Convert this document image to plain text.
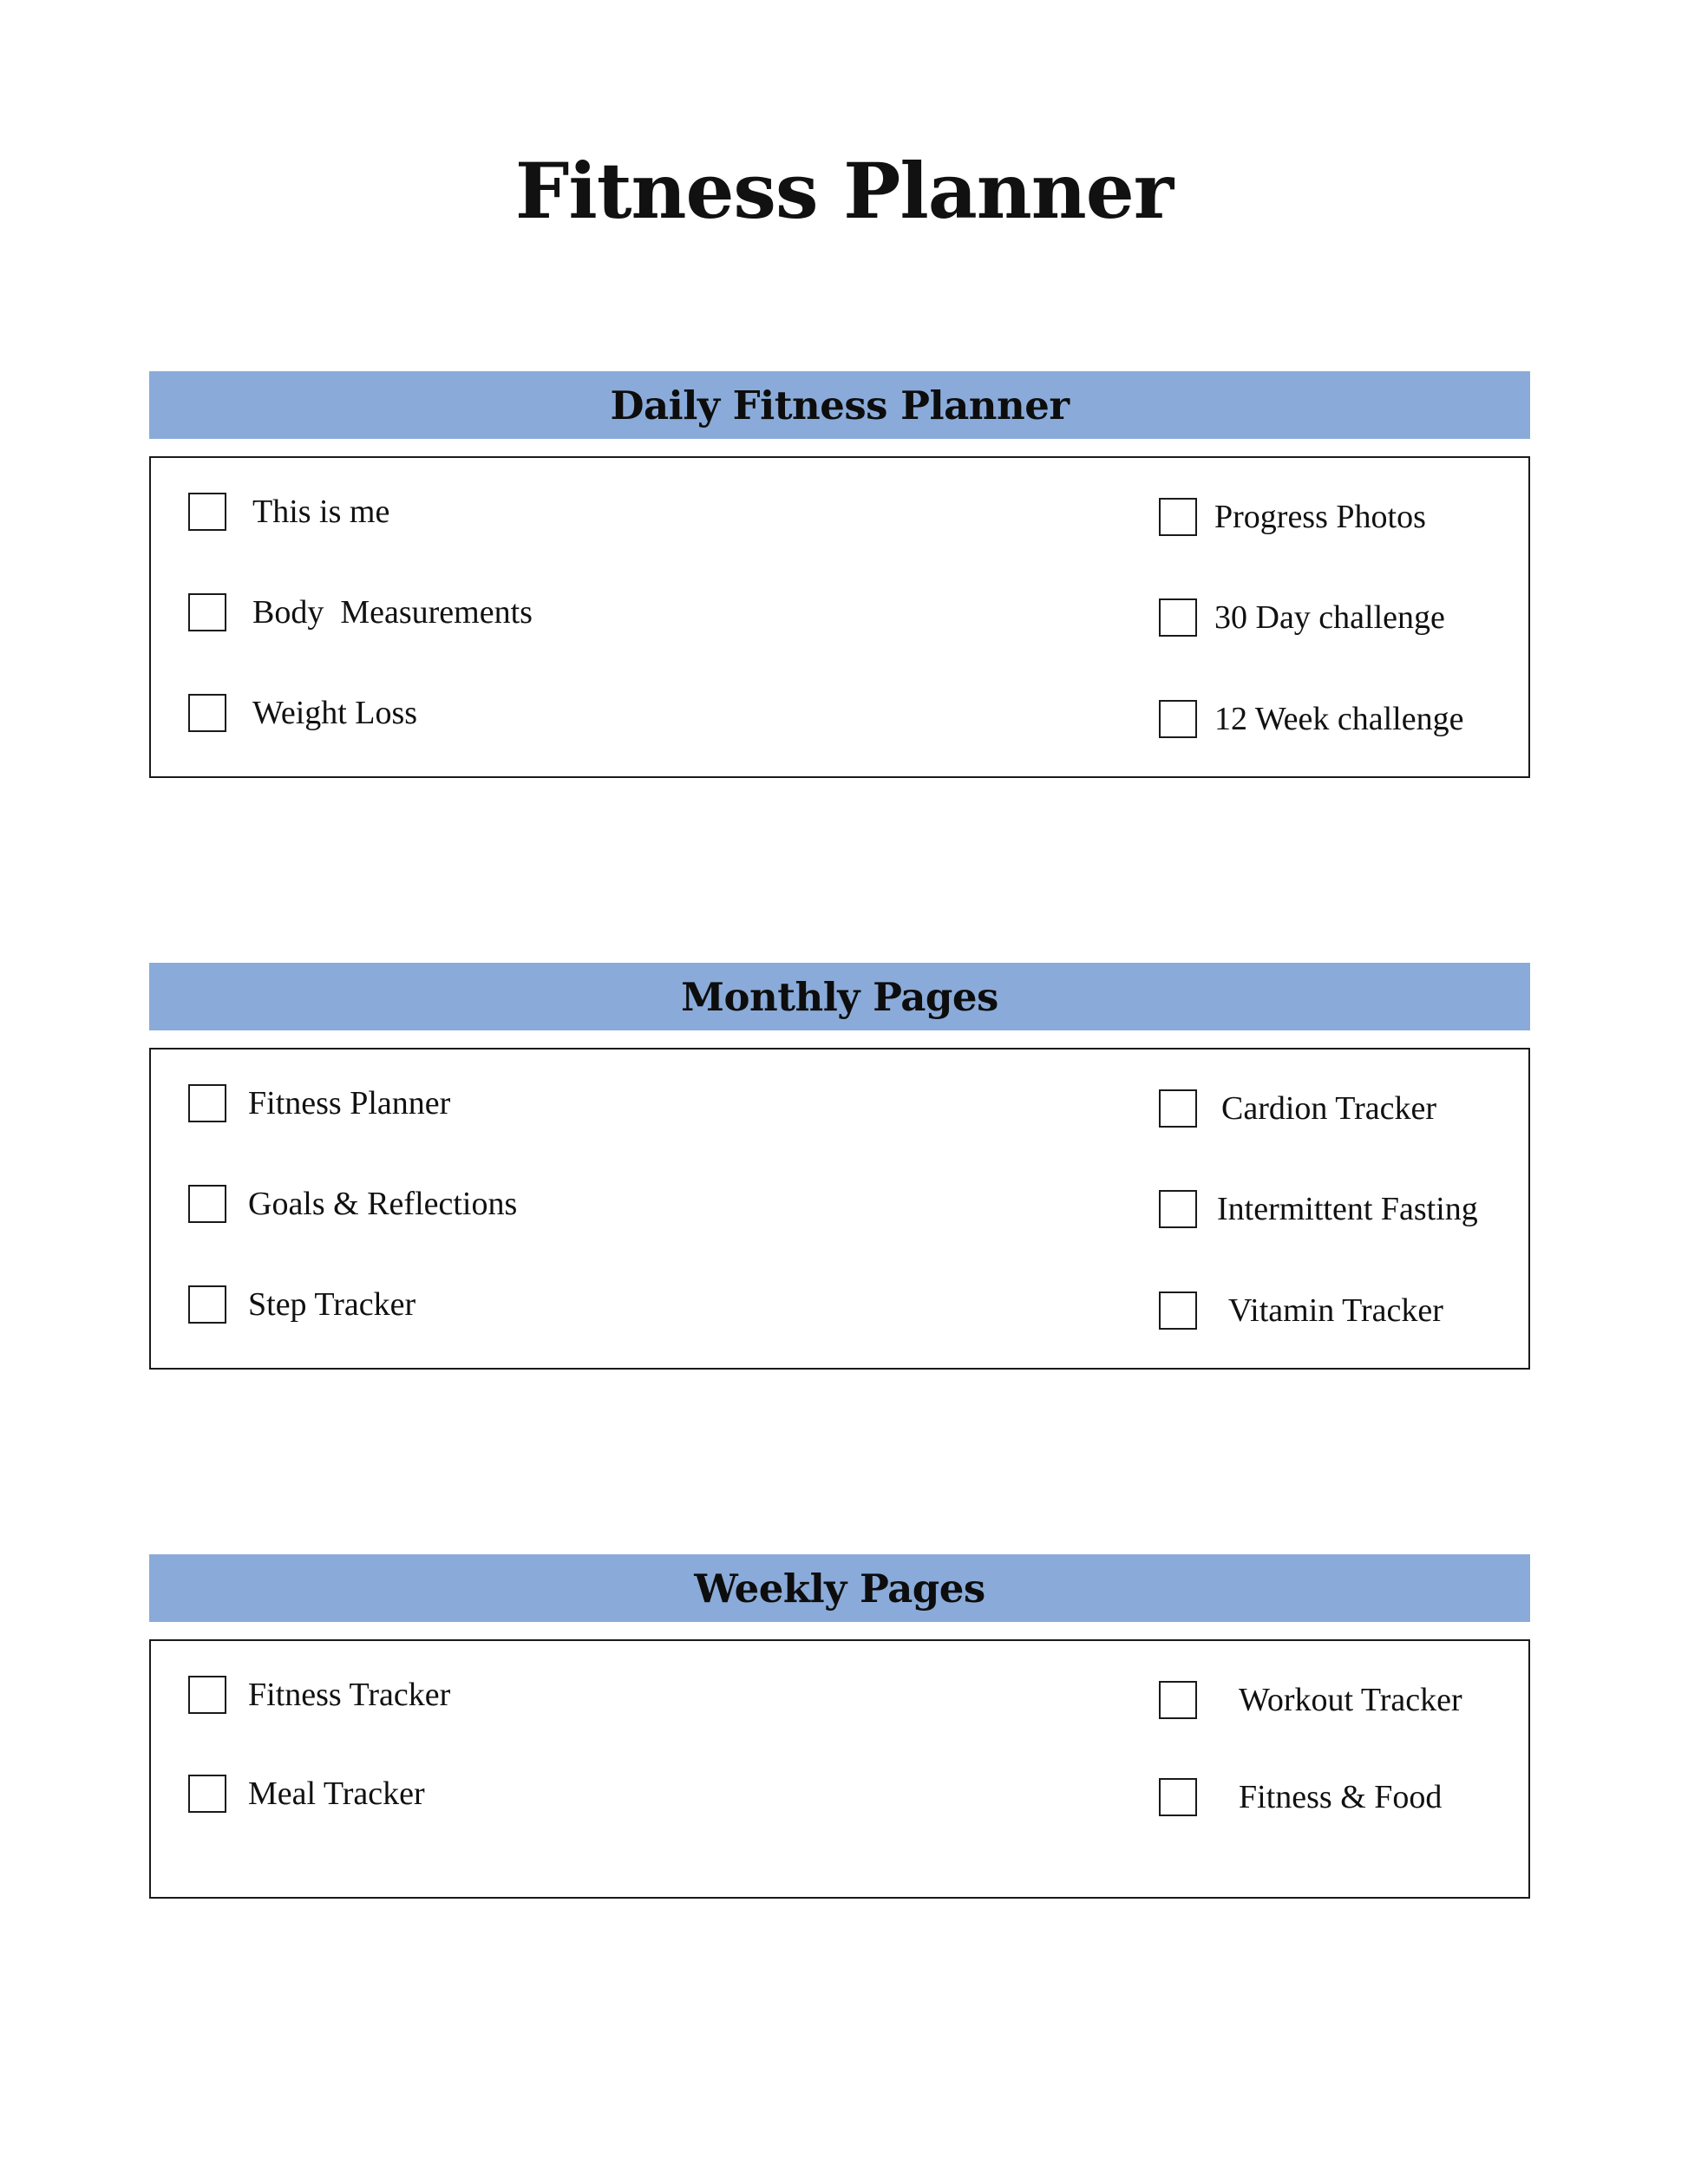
Fitness Planner
Daily Fitness Planner
This is me
Body  Measurements
Weight Loss
Progress Photos
30 Day challenge
12 Week challenge
Monthly Pages
Fitness Planner
Goals & Reflections
Step Tracker
Cardion Tracker
Intermittent Fasting
Vitamin Tracker
Weekly Pages
Fitness Tracker
Meal Tracker
Workout Tracker
Fitness & Food
